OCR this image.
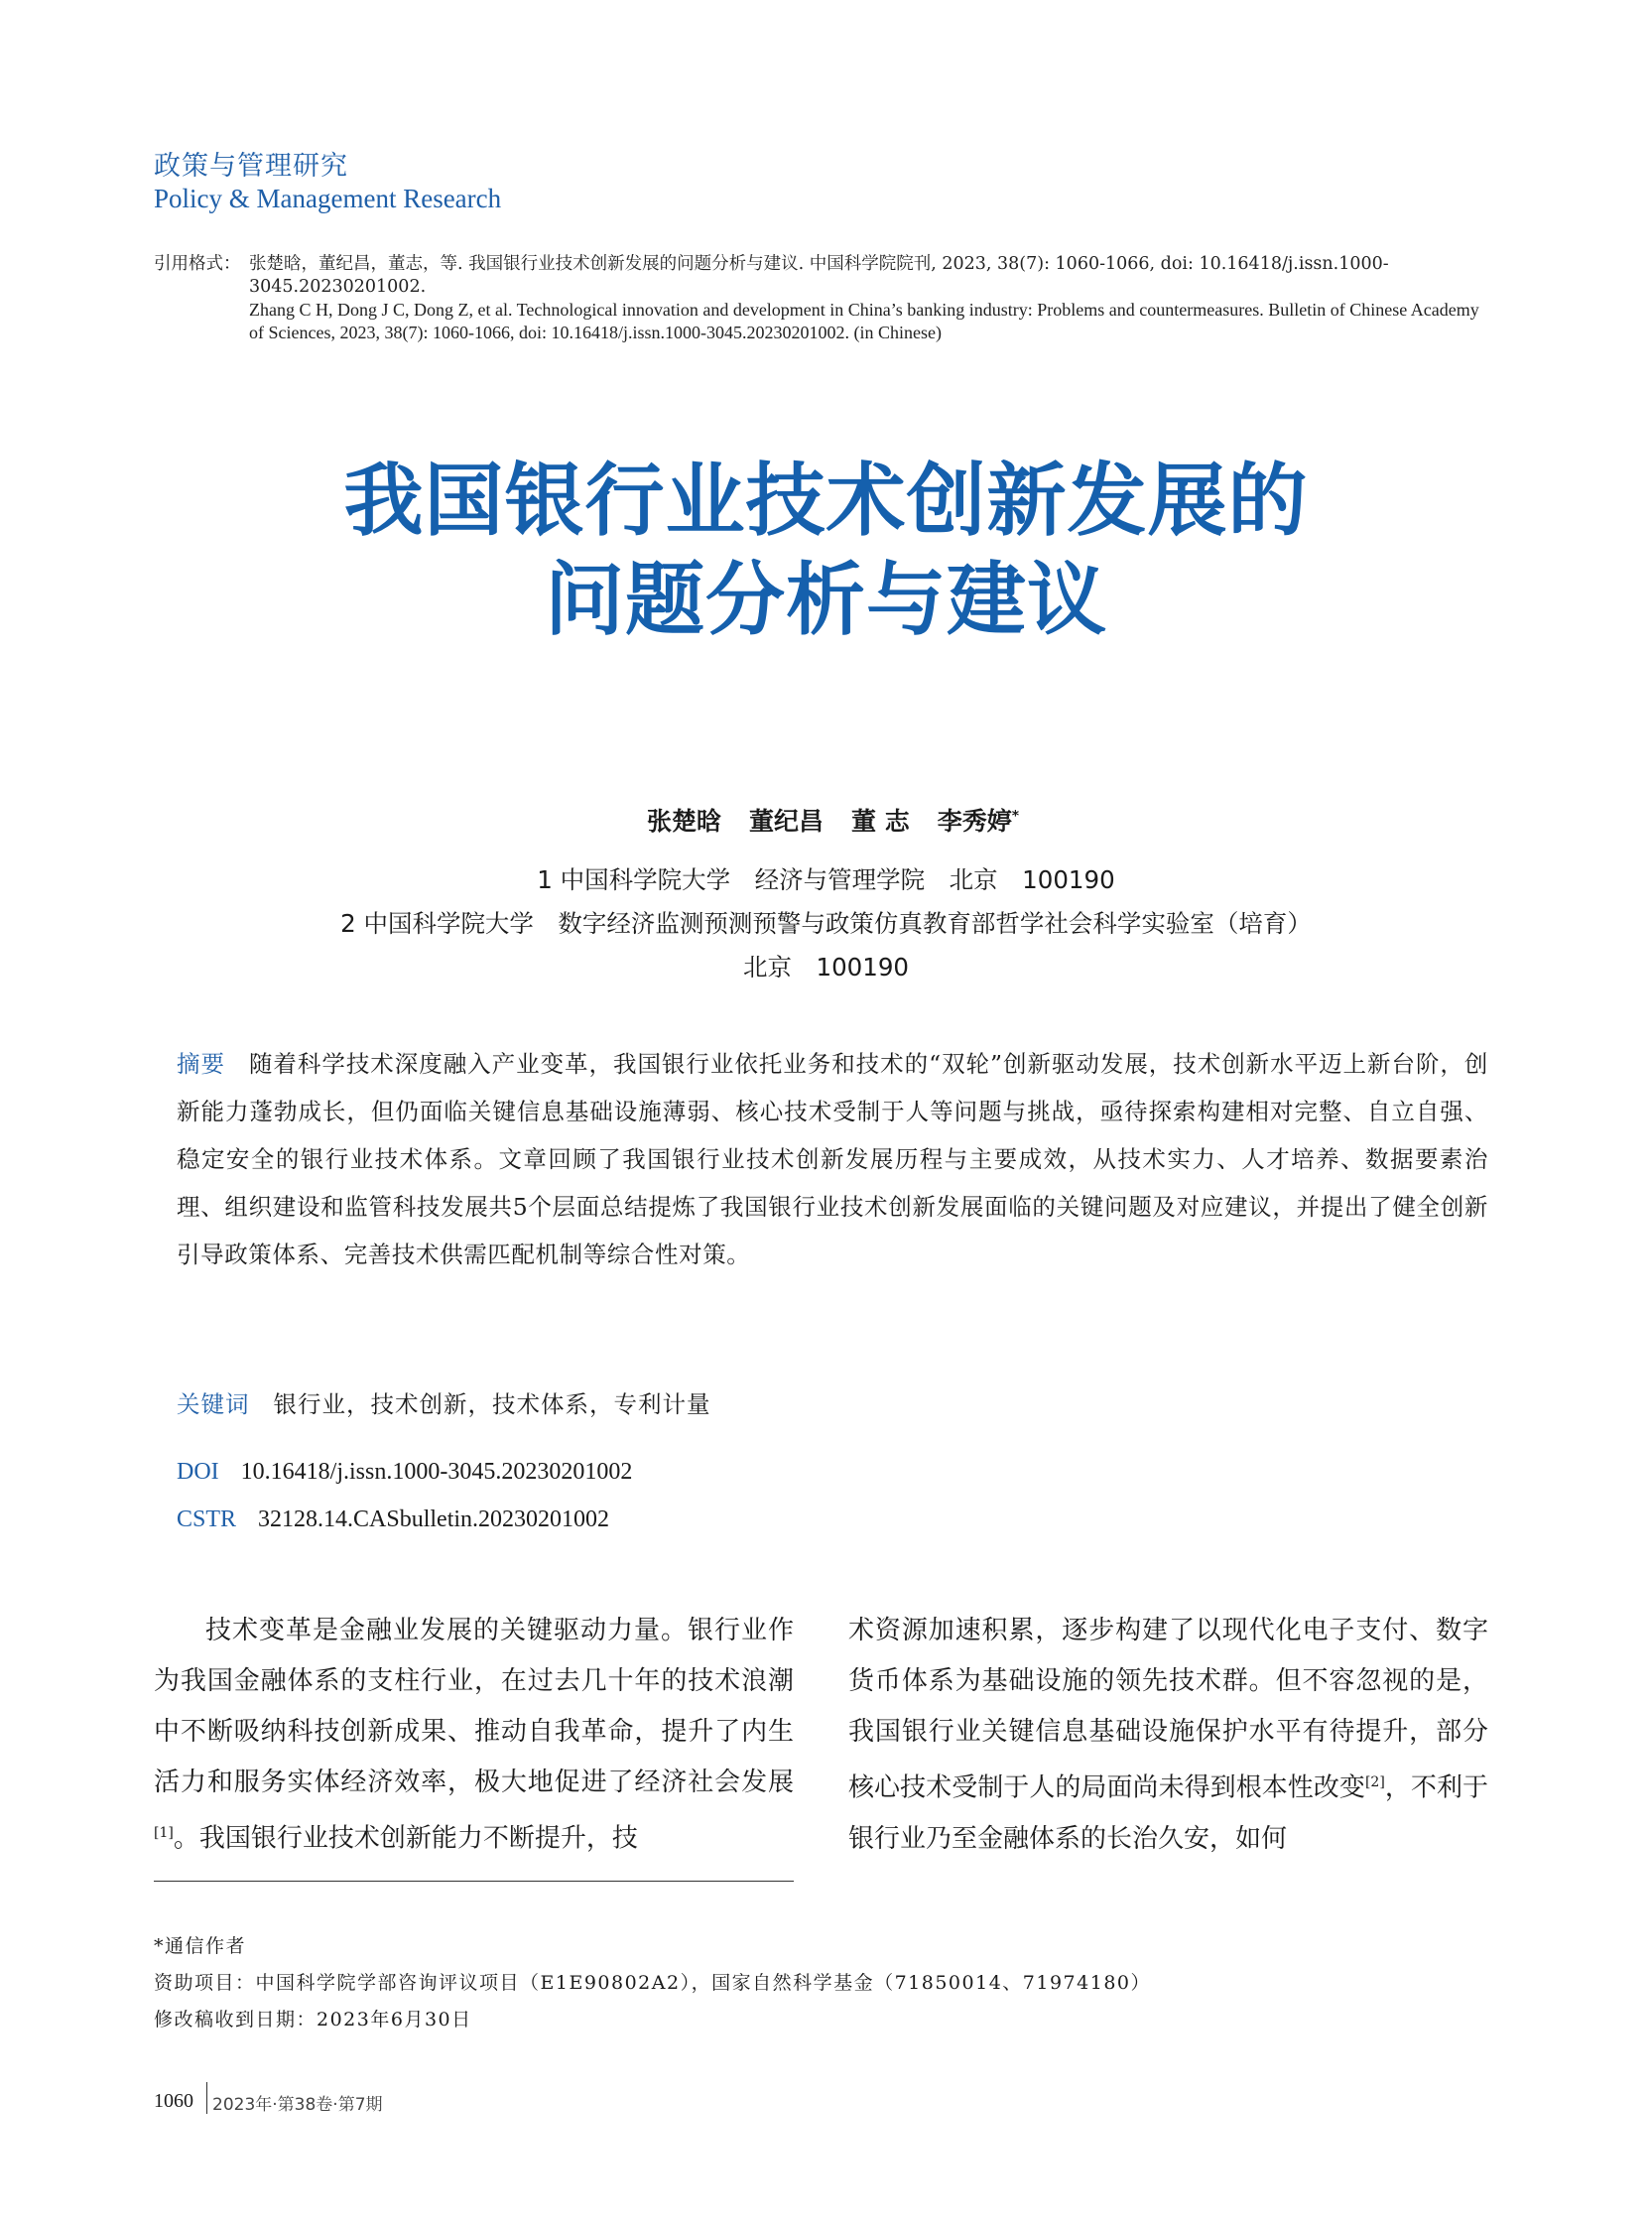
政策与管理研究
Policy & Management Research
引用格式： 张楚晗，董纪昌，董志，等. 我国银行业技术创新发展的问题分析与建议. 中国科学院院刊, 2023, 38(7): 1060-1066, doi: 10.16418/j.issn.1000-3045.20230201002.
Zhang C H, Dong J C, Dong Z, et al. Technological innovation and development in China’s banking industry: Problems and countermeasures. Bulletin of Chinese Academy of Sciences, 2023, 38(7): 1060-1066, doi: 10.16418/j.issn.1000-3045.20230201002. (in Chinese)
我国银行业技术创新发展的
问题分析与建议
张楚晗 董纪昌 董 志 李秀婷*
1 中国科学院大学　经济与管理学院　北京　100190
2 中国科学院大学　数字经济监测预测预警与政策仿真教育部哲学社会科学实验室（培育）
北京　100190
摘要 随着科学技术深度融入产业变革，我国银行业依托业务和技术的“双轮”创新驱动发展，技术创新水平迈上新台阶，创新能力蓬勃成长，但仍面临关键信息基础设施薄弱、核心技术受制于人等问题与挑战，亟待探索构建相对完整、自立自强、稳定安全的银行业技术体系。文章回顾了我国银行业技术创新发展历程与主要成效，从技术实力、人才培养、数据要素治理、组织建设和监管科技发展共5个层面总结提炼了我国银行业技术创新发展面临的关键问题及对应建议，并提出了健全创新引导政策体系、完善技术供需匹配机制等综合性对策。
关键词 银行业，技术创新，技术体系，专利计量
DOI 10.16418/j.issn.1000-3045.20230201002
CSTR 32128.14.CASbulletin.20230201002
技术变革是金融业发展的关键驱动力量。银行业作为我国金融体系的支柱行业，在过去几十年的技术浪潮中不断吸纳科技创新成果、推动自我革命，提升了内生活力和服务实体经济效率，极大地促进了经济社会发展[1]。我国银行业技术创新能力不断提升，技
术资源加速积累，逐步构建了以现代化电子支付、数字货币体系为基础设施的领先技术群。但不容忽视的是，我国银行业关键信息基础设施保护水平有待提升，部分核心技术受制于人的局面尚未得到根本性改变[2]，不利于银行业乃至金融体系的长治久安，如何
*通信作者
资助项目：中国科学院学部咨询评议项目（E1E90802A2），国家自然科学基金（71850014、71974180）
修改稿收到日期：2023年6月30日
1060 2023年·第38卷·第7期
